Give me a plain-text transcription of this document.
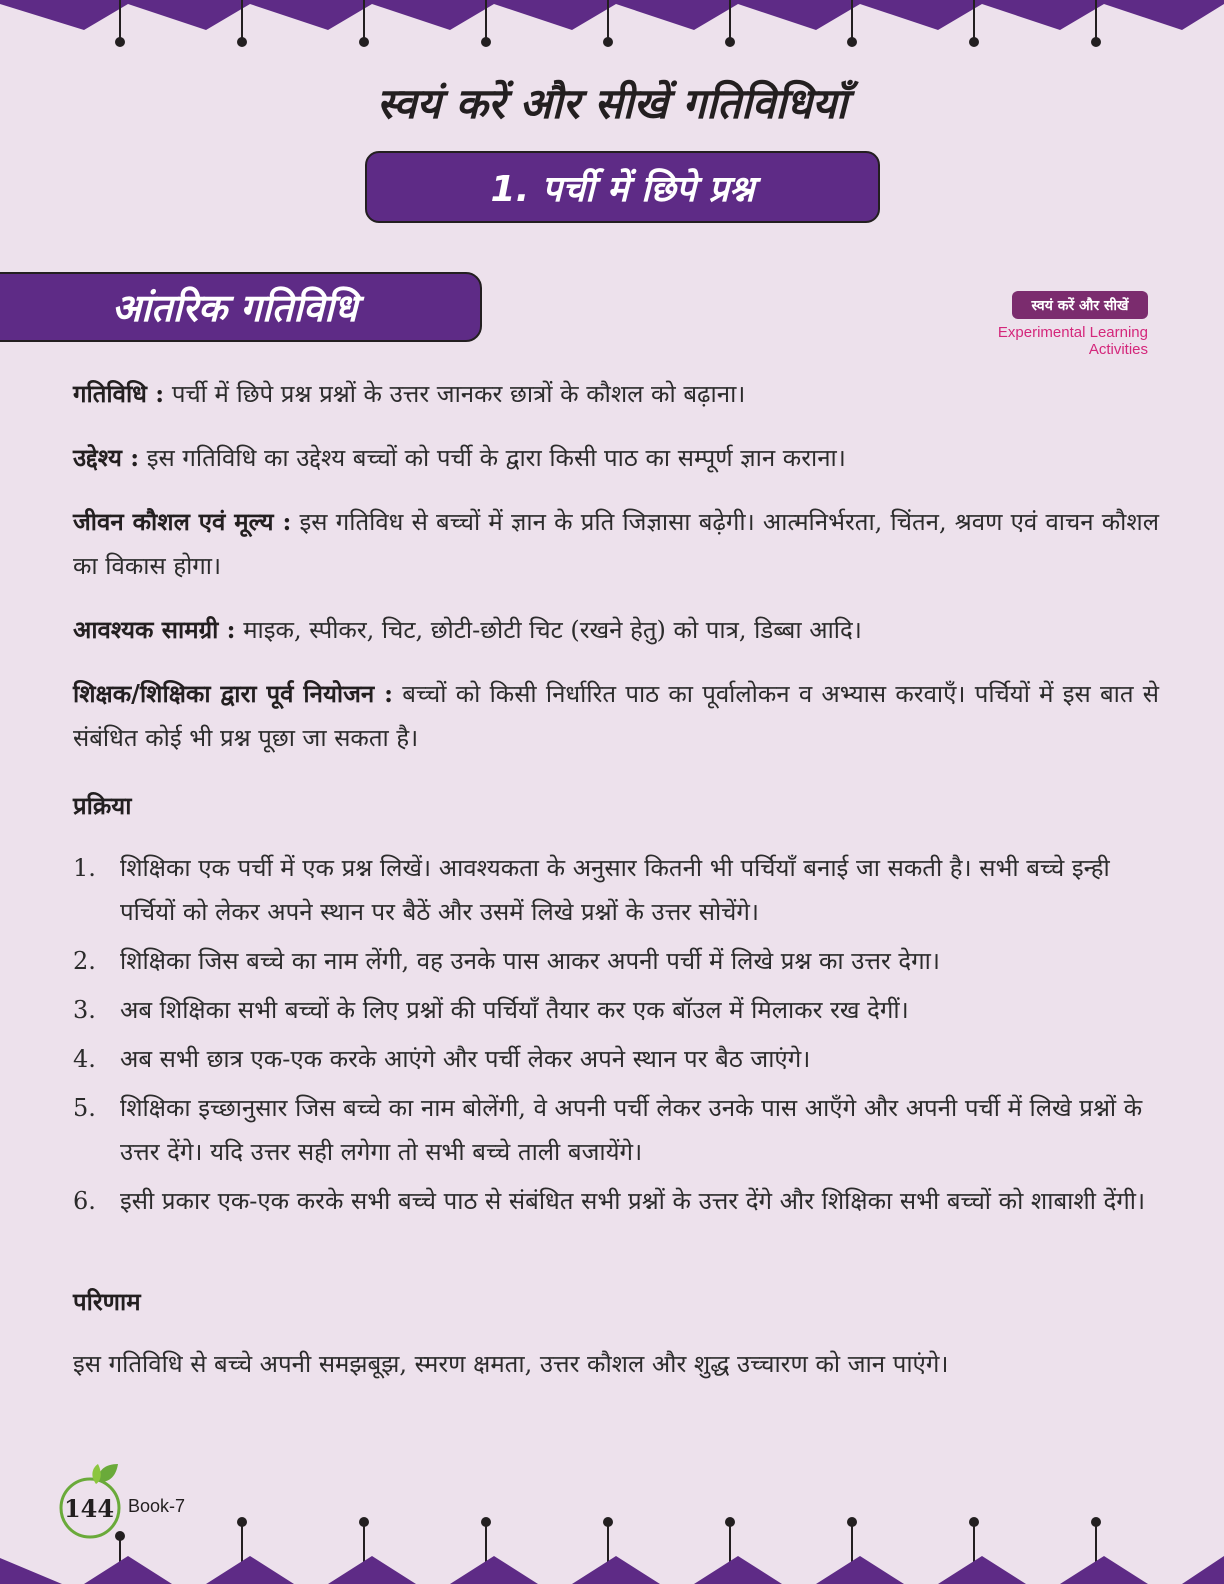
स्वयं करें और सीखें गतिविधियाँ
1. पर्ची में छिपे प्रश्न
आंतरिक गतिविधि	स्वयं करें और सीखें
Experimental Learning Activities

गतिविधि : पर्ची में छिपे प्रश्न प्रश्नों के उत्तर जानकर छात्रों के कौशल को बढ़ाना।

उद्देश्य : इस गतिविधि का उद्देश्य बच्चों को पर्ची के द्वारा किसी पाठ का सम्पूर्ण ज्ञान कराना।

जीवन कौशल एवं मूल्य : इस गतिविध से बच्चों में ज्ञान के प्रति जिज्ञासा बढ़ेगी। आत्मनिर्भरता, चिंतन, श्रवण एवं वाचन कौशल का विकास होगा।

आवश्यक सामग्री : माइक, स्पीकर, चिट, छोटी-छोटी चिट (रखने हेतु) को पात्र, डिब्बा आदि।

शिक्षक/शिक्षिका द्वारा पूर्व नियोजन : बच्चों को किसी निर्धारित पाठ का पूर्वालोकन व अभ्यास करवाएँ। पर्चियों में इस बात से संबंधित कोई भी प्रश्न पूछा जा सकता है।

प्रक्रिया
1.	शिक्षिका एक पर्ची में एक प्रश्न लिखें। आवश्यकता के अनुसार कितनी भी पर्चियाँ बनाई जा सकती है। सभी बच्चे इन्ही पर्चियों को लेकर अपने स्थान पर बैठें और उसमें लिखे प्रश्नों के उत्तर सोचेंगे।
2.	शिक्षिका जिस बच्चे का नाम लेंगी, वह उनके पास आकर अपनी पर्ची में लिखे प्रश्न का उत्तर देगा।
3.	अब शिक्षिका सभी बच्चों के लिए प्रश्नों की पर्चियाँ तैयार कर एक बॉउल में मिलाकर रख देगीं।
4.	अब सभी छात्र एक-एक करके आएंगे और पर्ची लेकर अपने स्थान पर बैठ जाएंगे।
5.	शिक्षिका इच्छानुसार जिस बच्चे का नाम बोलेंगी, वे अपनी पर्ची लेकर उनके पास आएँगे और अपनी पर्ची में लिखे प्रश्नों के उत्तर देंगे। यदि उत्तर सही लगेगा तो सभी बच्चे ताली बजायेंगे।
6.	इसी प्रकार एक-एक करके सभी बच्चे पाठ से संबंधित सभी प्रश्नों के उत्तर देंगे और शिक्षिका सभी बच्चों को शाबाशी देंगी।
परिणाम

इस गतिविधि से बच्चे अपनी समझबूझ, स्मरण क्षमता, उत्तर कौशल और शुद्ध उच्चारण को जान पाएंगे।

144 Book-7
